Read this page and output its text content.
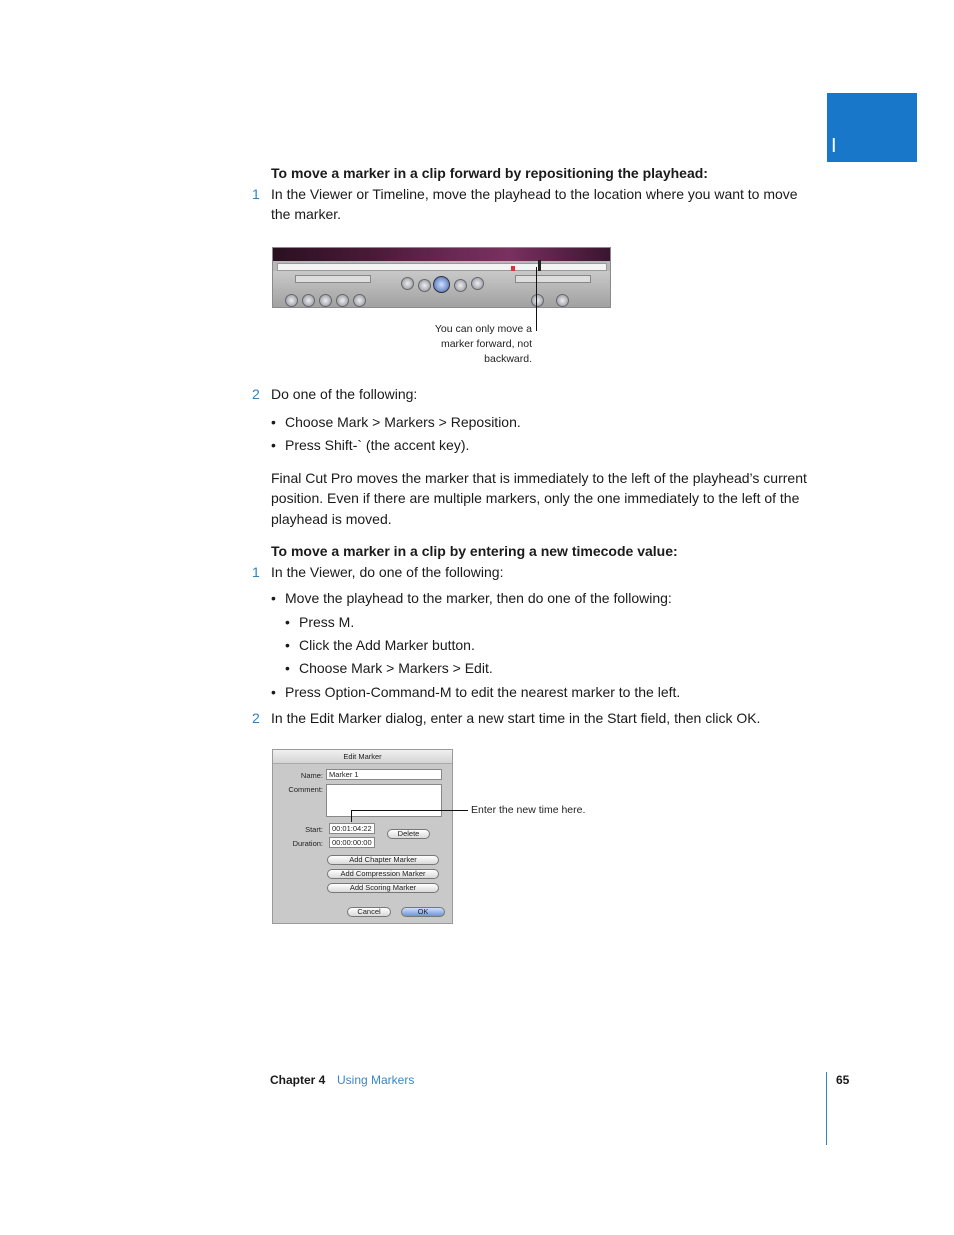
I
To move a marker in a clip forward by repositioning the playhead:
1 In the Viewer or Timeline, move the playhead to the location where you want to move
the marker.
You can only move a
marker forward, not
backward.
2 Do one of the following:
• Choose Mark > Markers > Reposition.
• Press Shift-` (the accent key).
Final Cut Pro moves the marker that is immediately to the left of the playhead’s current
position. Even if there are multiple markers, only the one immediately to the left of the
playhead is moved.
To move a marker in a clip by entering a new timecode value:
1 In the Viewer, do one of the following:
• Move the playhead to the marker, then do one of the following:
• Press M.
• Click the Add Marker button.
• Choose Mark > Markers > Edit.
• Press Option-Command-M to edit the nearest marker to the left.
2 In the Edit Marker dialog, enter a new start time in the Start field, then click OK.
Edit Marker
Name: Marker 1
Comment:
Start:	00:01:04:22
Duration:	00:00:00:00
Delete
Add Chapter Marker
Add Compression Marker
Add Scoring Marker
Cancel	OK
Enter the new time here.
Chapter 4 Using Markers	65
